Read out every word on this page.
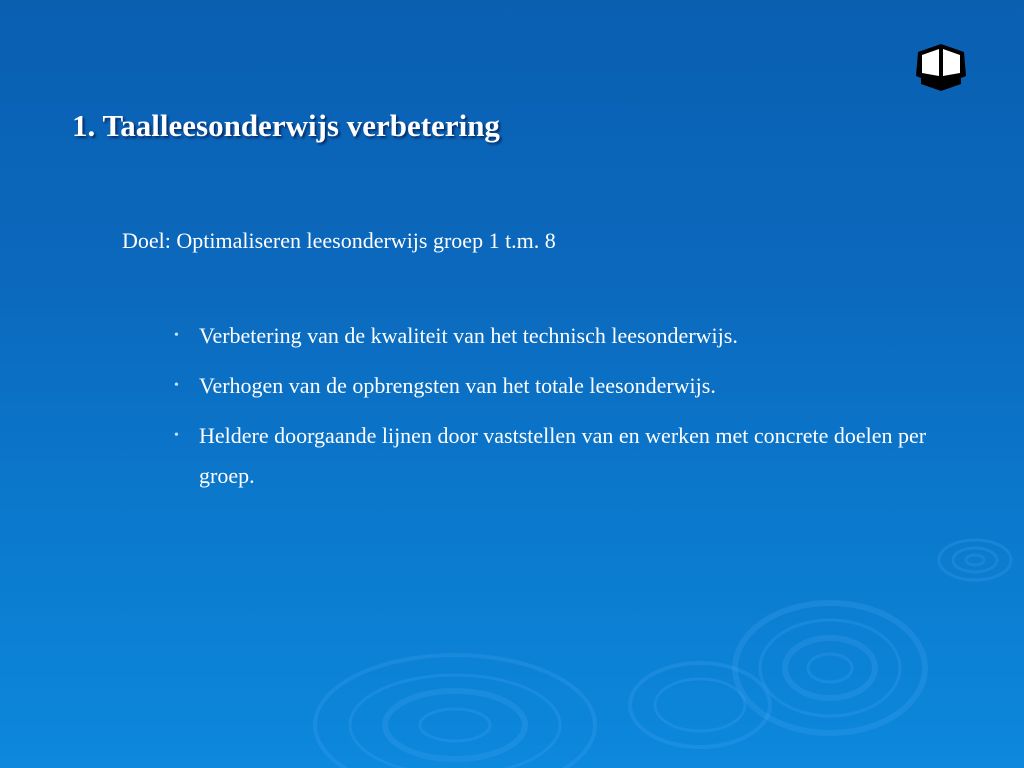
1. Taalleesonderwijs verbetering

Doel: Optimaliseren leesonderwijs groep 1 t.m. 8

• Verbetering van de kwaliteit van het technisch leesonderwijs.
• Verhogen van de opbrengsten van het totale leesonderwijs.
• Heldere doorgaande lijnen door vaststellen van en werken met concrete doelen per groep.
